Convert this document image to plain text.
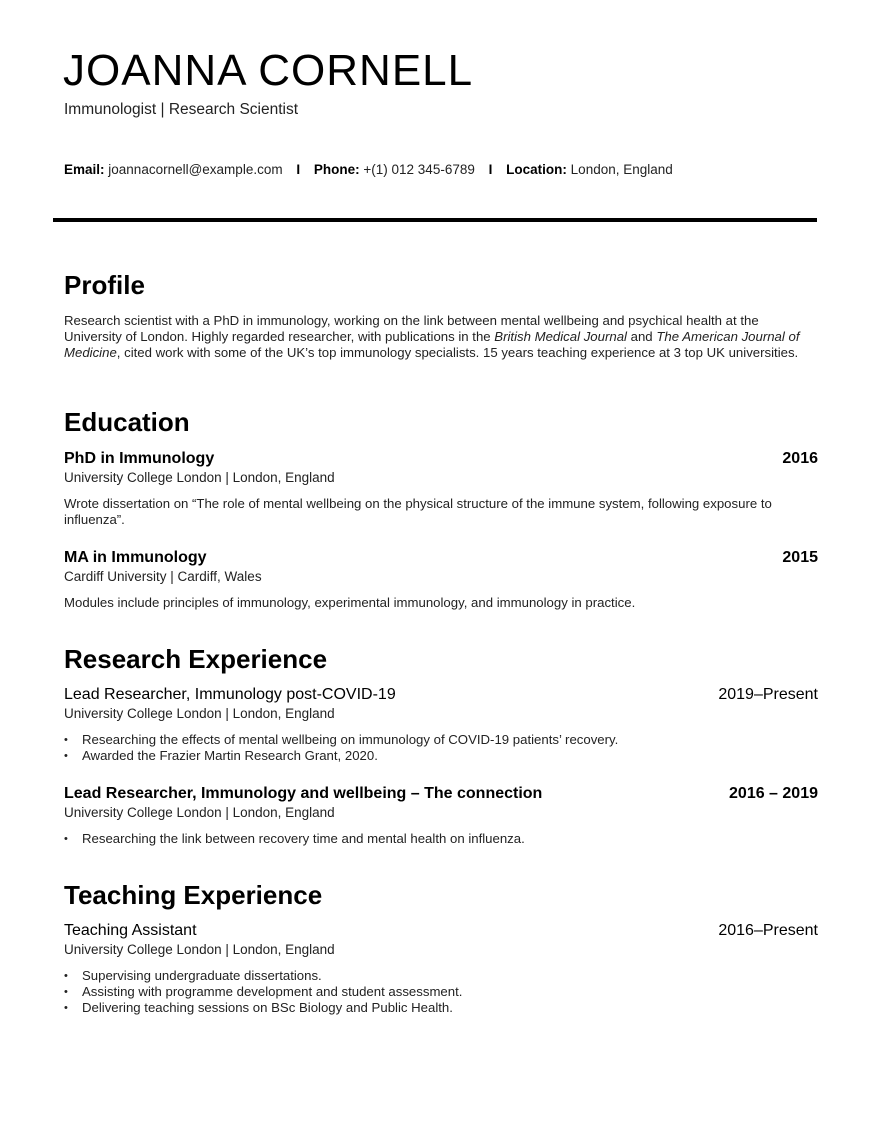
JOANNA CORNELL
Immunologist | Research Scientist
Email: joannacornell@example.com I Phone: +(1) 012 345-6789 I Location: London, England
Profile

Research scientist with a PhD in immunology, working on the link between mental wellbeing and psychical health at the University of London. Highly regarded researcher, with publications in the British Medical Journal and The American Journal of Medicine, cited work with some of the UK’s top immunology specialists. 15 years teaching experience at 3 top UK universities.

Education
PhD in Immunology	2016
University College London | London, England
Wrote dissertation on “The role of mental wellbeing on the physical structure of the immune system, following exposure to influenza”.
MA in Immunology	2015
Cardiff University | Cardiff, Wales
Modules include principles of immunology, experimental immunology, and immunology in practice.
Research Experience
Lead Researcher, Immunology post-COVID-19	2019–Present
University College London | London, England
• Researching the effects of mental wellbeing on immunology of COVID-19 patients’ recovery.
• Awarded the Frazier Martin Research Grant, 2020.
Lead Researcher, Immunology and wellbeing – The connection	2016 – 2019
University College London | London, England
• Researching the link between recovery time and mental health on influenza.
Teaching Experience
Teaching Assistant	2016–Present
University College London | London, England
• Supervising undergraduate dissertations.
• Assisting with programme development and student assessment.
• Delivering teaching sessions on BSc Biology and Public Health.
